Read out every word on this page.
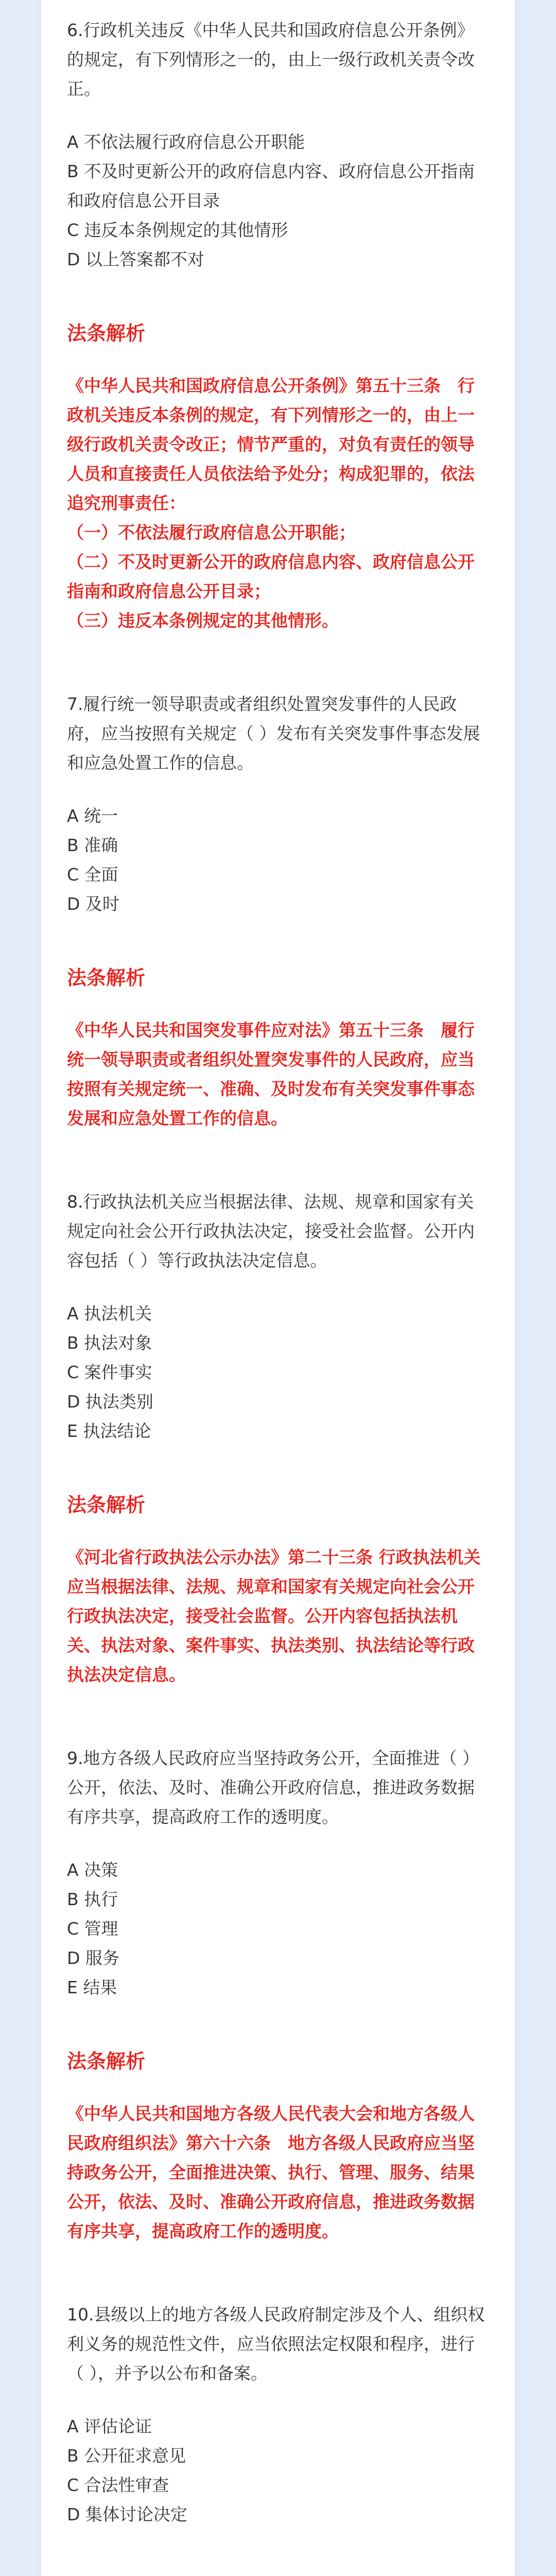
6.行政机关违反《中华人民共和国政府信息公开条例》的规定，有下列情形之一的，由上一级行政机关责令改正。

A 不依法履行政府信息公开职能
B 不及时更新公开的政府信息内容、政府信息公开指南和政府信息公开目录
C 违反本条例规定的其他情形
D 以上答案都不对
法条解析
《中华人民共和国政府信息公开条例》第五十三条　行政机关违反本条例的规定，有下列情形之一的，由上一级行政机关责令改正；情节严重的，对负有责任的领导人员和直接责任人员依法给予处分；构成犯罪的，依法追究刑事责任：
（一）不依法履行政府信息公开职能；
（二）不及时更新公开的政府信息内容、政府信息公开指南和政府信息公开目录；
（三）违反本条例规定的其他情形。

7.履行统一领导职责或者组织处置突发事件的人民政府，应当按照有关规定（ ）发布有关突发事件事态发展和应急处置工作的信息。

A 统一
B 准确
C 全面
D 及时
法条解析
《中华人民共和国突发事件应对法》第五十三条　履行统一领导职责或者组织处置突发事件的人民政府，应当按照有关规定统一、准确、及时发布有关突发事件事态发展和应急处置工作的信息。

8.行政执法机关应当根据法律、法规、规章和国家有关规定向社会公开行政执法决定，接受社会监督。公开内容包括（ ）等行政执法决定信息。

A 执法机关
B 执法对象
C 案件事实
D 执法类别
E 执法结论
法条解析
《河北省行政执法公示办法》第二十三条 行政执法机关应当根据法律、法规、规章和国家有关规定向社会公开行政执法决定，接受社会监督。公开内容包括执法机关、执法对象、案件事实、执法类别、执法结论等行政执法决定信息。

9.地方各级人民政府应当坚持政务公开，全面推进（ ）公开，依法、及时、准确公开政府信息，推进政务数据有序共享，提高政府工作的透明度。

A 决策
B 执行
C 管理
D 服务
E 结果
法条解析
《中华人民共和国地方各级人民代表大会和地方各级人民政府组织法》第六十六条　地方各级人民政府应当坚持政务公开，全面推进决策、执行、管理、服务、结果公开，依法、及时、准确公开政府信息，推进政务数据有序共享，提高政府工作的透明度。

10.县级以上的地方各级人民政府制定涉及个人、组织权利义务的规范性文件，应当依照法定权限和程序，进行（ ），并予以公布和备案。

A 评估论证
B 公开征求意见
C 合法性审查
D 集体讨论决定
